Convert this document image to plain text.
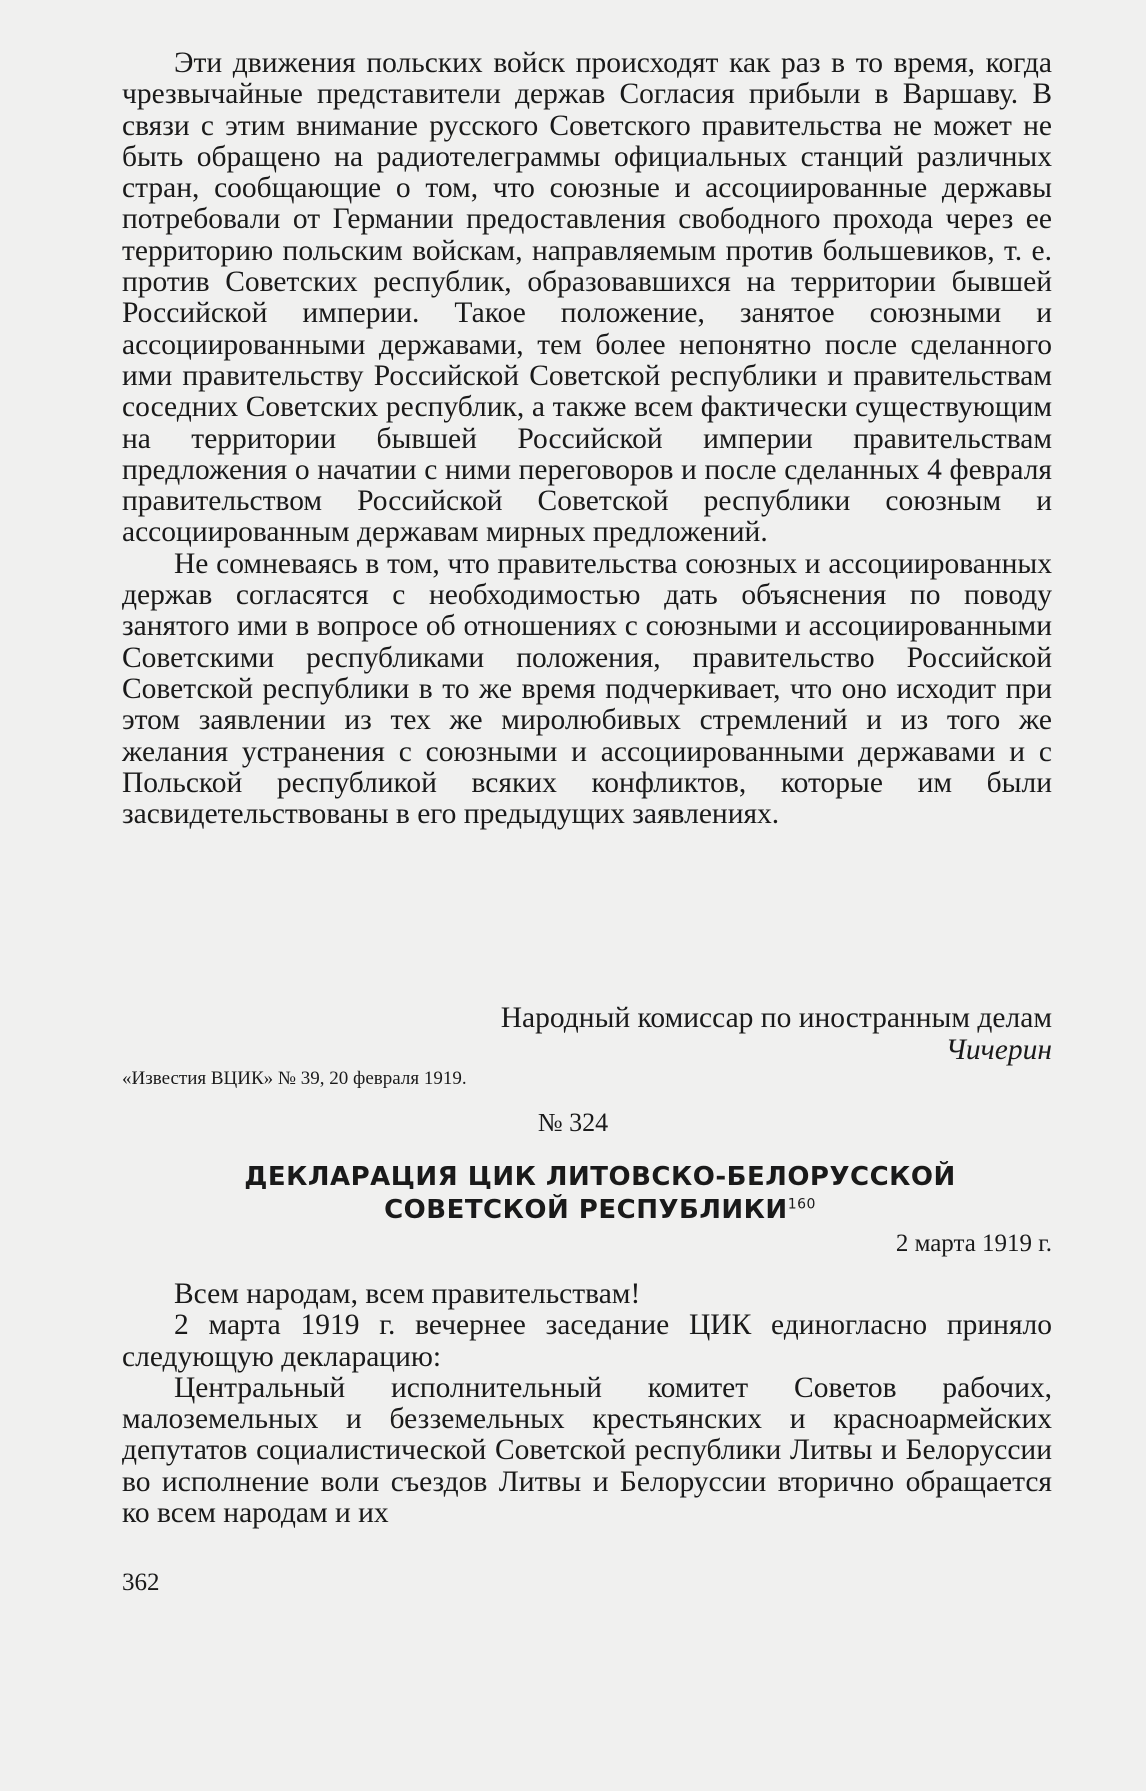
Эти движения польских войск происходят как раз в то время, когда чрезвычайные представители держав Согласия прибыли в Варшаву. В связи с этим внимание русского Советского правительства не может не быть обращено на радиотелеграммы официальных станций различных стран, сообщающие о том, что союзные и ассоциированные державы потребовали от Германии предоставления свободного прохода через ее территорию польским войскам, направляемым против большевиков, т. е. против Советских республик, образовавшихся на территории бывшей Российской империи. Такое положение, занятое союзными и ассоциированными державами, тем более непонятно после сделанного ими правительству Российской Советской республики и правительствам соседних Советских республик, а также всем фактически существующим на территории бывшей Российской империи правительствам предложения о начатии с ними переговоров и после сделанных 4 февраля правительством Российской Советской республики союзным и ассоциированным державам мирных предложений.

Не сомневаясь в том, что правительства союзных и ассоциированных держав согласятся с необходимостью дать объяснения по поводу занятого ими в вопросе об отношениях с союзными и ассоциированными Советскими республиками положения, правительство Российской Советской республики в то же время подчеркивает, что оно исходит при этом заявлении из тех же миролюбивых стремлений и из того же желания устранения с союзными и ассоциированными державами и с Польской республикой всяких конфликтов, которые им были засвидетельствованы в его предыдущих заявлениях.

Народный комиссар по иностранным делам
Чичерин
«Известия ВЦИК» № 39, 20 февраля 1919.
№ 324
ДЕКЛАРАЦИЯ ЦИК ЛИТОВСКО-БЕЛОРУССКОЙ
СОВЕТСКОЙ РЕСПУБЛИКИ$^{160}$
2 марта 1919 г.

Всем народам, всем правительствам!

2 марта 1919 г. вечернее заседание ЦИК единогласно приняло следующую декларацию:

Центральный исполнительный комитет Советов рабочих, малоземельных и безземельных крестьянских и красноармейских депутатов социалистической Советской республики Литвы и Белоруссии во исполнение воли съездов Литвы и Белоруссии вторично обращается ко всем народам и их

362
